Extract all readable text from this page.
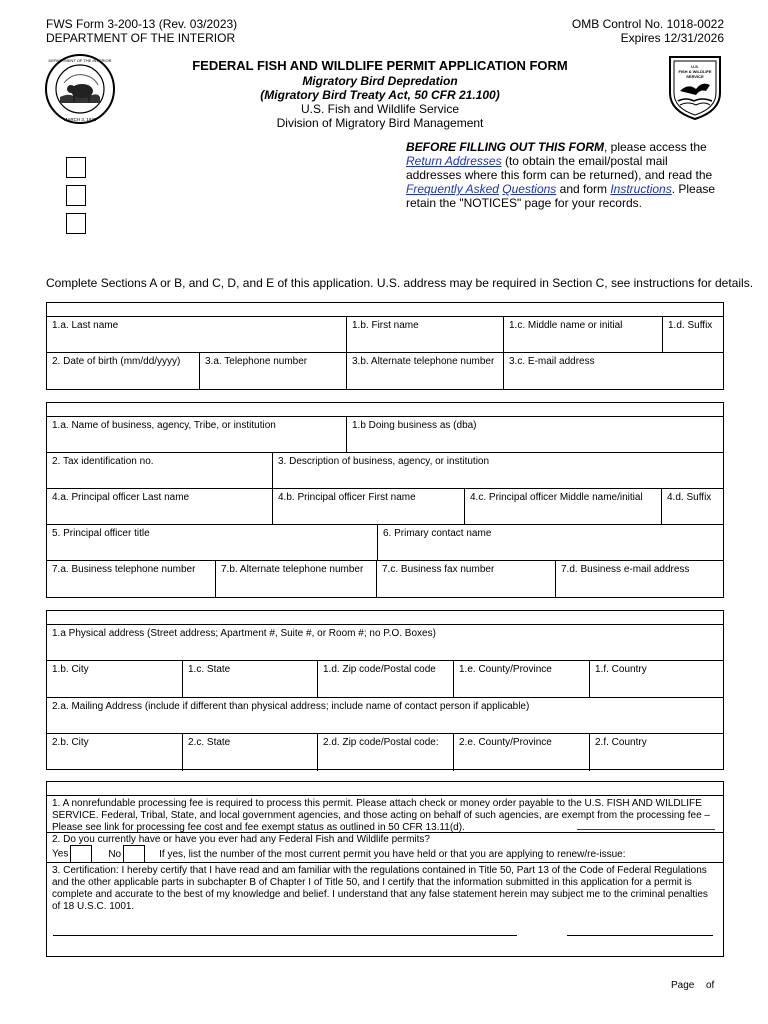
FWS Form 3-200-13 (Rev. 03/2023)
DEPARTMENT OF THE INTERIOR
OMB Control No. 1018-0022
Expires 12/31/2026
DEPARTMENT OF THE INTERIOR
MARCH 3, 1849
U.S.
FISH & WILDLIFE
SERVICE
FEDERAL FISH AND WILDLIFE PERMIT APPLICATION FORM
Migratory Bird Depredation
(Migratory Bird Treaty Act, 50 CFR 21.100)
U.S. Fish and Wildlife Service
Division of Migratory Bird Management
BEFORE FILLING OUT THIS FORM, please access the
Return Addresses (to obtain the email/postal mail addresses where this form can be returned), and read the Frequently Asked Questions and form Instructions. Please retain the "NOTICES" page for your records.
Complete Sections A or B, and C, D, and E of this application. U.S. address may be required in Section C, see instructions for details.
1.a. Last name	1.b. First name	1.c. Middle name or initial	1.d. Suffix
2. Date of birth (mm/dd/yyyy)	3.a. Telephone number	3.b. Alternate telephone number	3.c. E-mail address
1.a. Name of business, agency, Tribe, or institution	1.b Doing business as (dba)
2. Tax identification no.	3. Description of business, agency, or institution
4.a. Principal officer Last name	4.b. Principal officer First name	4.c. Principal officer Middle name/initial	4.d. Suffix
5. Principal officer title	6. Primary contact name
7.a. Business telephone number	7.b. Alternate telephone number	7.c. Business fax number	7.d. Business e-mail address
1.a Physical address (Street address; Apartment #, Suite #, or Room #; no P.O. Boxes)
1.b. City	1.c. State	1.d. Zip code/Postal code	1.e. County/Province	1.f. Country
2.a. Mailing Address (include if different than physical address; include name of contact person if applicable)
2.b. City	2.c. State	2.d. Zip code/Postal code:	2.e. County/Province	2.f. Country
1. A nonrefundable processing fee is required to process this permit. Please attach check or money order payable to the U.S. FISH AND WILDLIFE SERVICE. Federal, Tribal, State, and local government agencies, and those acting on behalf of such agencies, are exempt from the processing fee – Please see link for processing fee cost and fee exempt status as outlined in 50 CFR 13.11(d).
2. Do you currently have or have you ever had any Federal Fish and Wildlife permits?
Yes	No	If yes, list the number of the most current permit you have held or that you are applying to renew/re-issue:
3. Certification: I hereby certify that I have read and am familiar with the regulations contained in Title 50, Part 13 of the Code of Federal Regulations and the other applicable parts in subchapter B of Chapter I of Title 50, and I certify that the information submitted in this application for a permit is complete and accurate to the best of my knowledge and belief. I understand that any false statement herein may subject me to the criminal penalties of 18 U.S.C. 1001.
Page of
